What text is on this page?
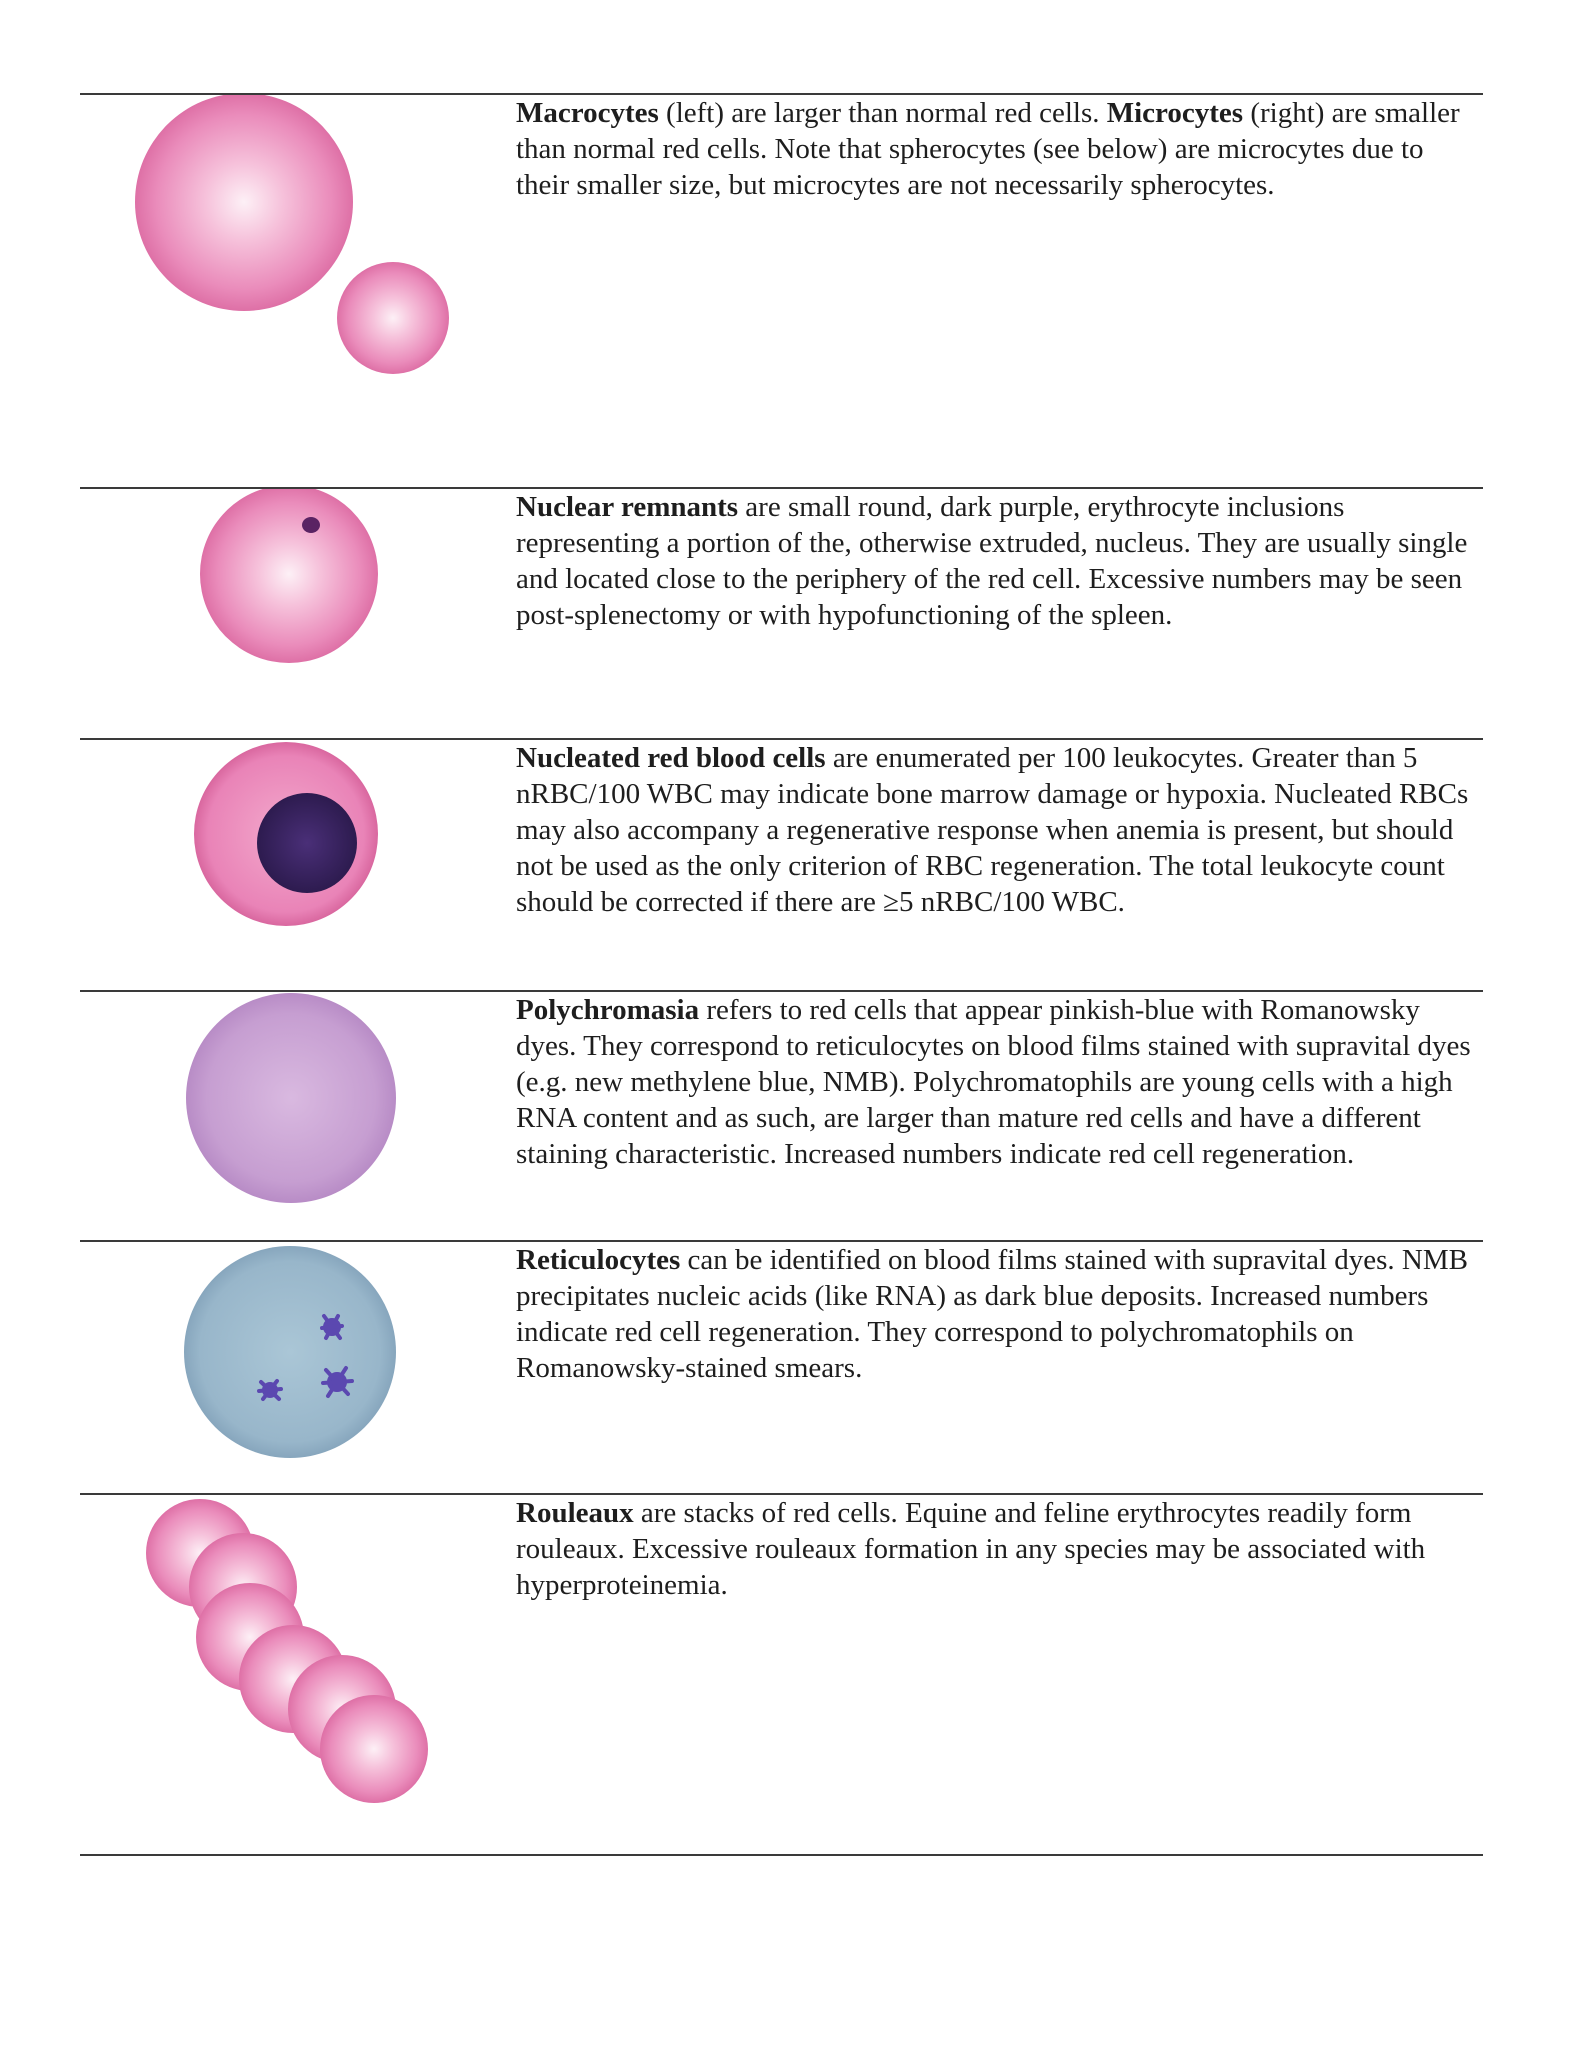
Macrocytes (left) are larger than normal red cells. Microcytes (right) are smaller than normal red cells. Note that spherocytes (see below) are microcytes due to their smaller size, but microcytes are not necessarily spherocytes.
Nuclear remnants are small round, dark purple, erythrocyte inclusions representing a portion of the, otherwise extruded, nucleus. They are usually single and located close to the periphery of the red cell. Excessive numbers may be seen post-splenectomy or with hypofunctioning of the spleen.
Nucleated red blood cells are enumerated per 100 leukocytes. Greater than 5 nRBC/100 WBC may indicate bone marrow damage or hypoxia. Nucleated RBCs may also accompany a regenerative response when anemia is present, but should not be used as the only criterion of RBC regeneration. The total leukocyte count should be corrected if there are ≥5 nRBC/100 WBC.
Polychromasia refers to red cells that appear pinkish-blue with Romanowsky dyes. They correspond to reticulocytes on blood films stained with supravital dyes (e.g. new methylene blue, NMB). Polychromatophils are young cells with a high RNA content and as such, are larger than mature red cells and have a different staining characteristic. Increased numbers indicate red cell regeneration.
Reticulocytes can be identified on blood films stained with supravital dyes. NMB precipitates nucleic acids (like RNA) as dark blue deposits. Increased numbers indicate red cell regeneration. They correspond to polychromatophils on Romanowsky-stained smears.
Rouleaux are stacks of red cells. Equine and feline erythrocytes readily form rouleaux. Excessive rouleaux formation in any species may be associated with hyperproteinemia.
